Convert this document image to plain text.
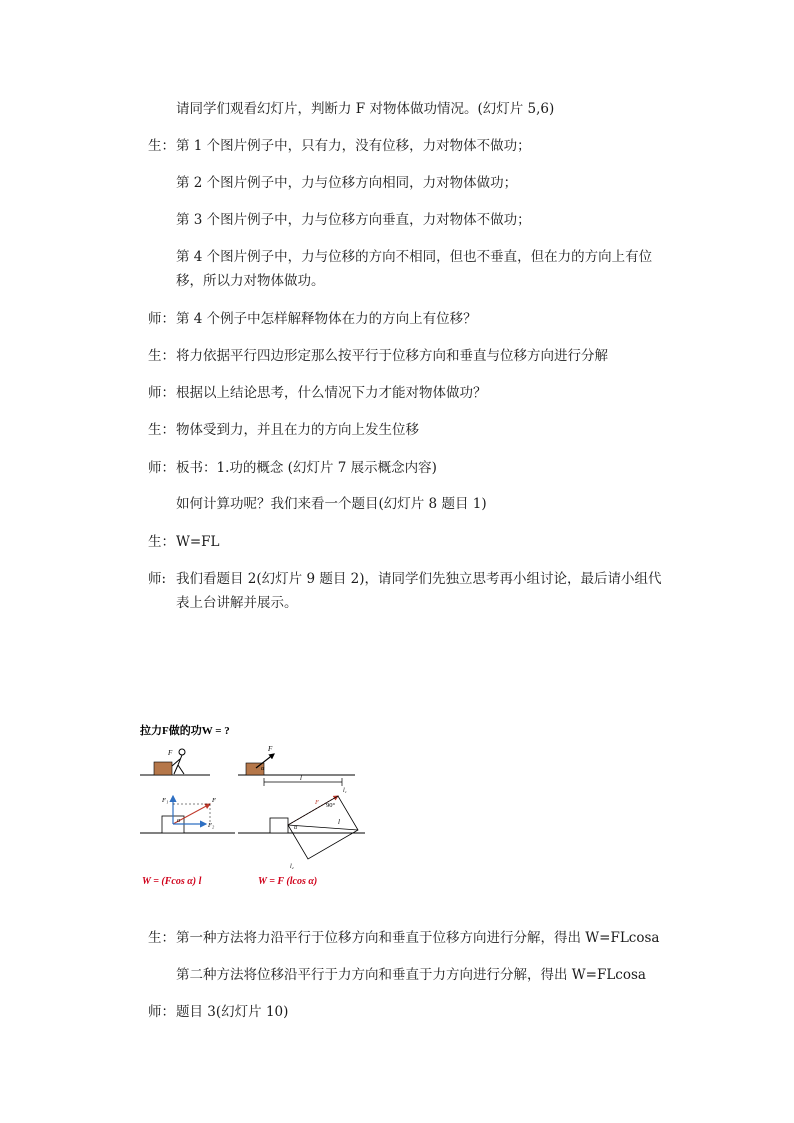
请同学们观看幻灯片，判断力 F 对物体做功情况。(幻灯片 5,6)
生：第 1 个图片例子中，只有力，没有位移，力对物体不做功；
第 2 个图片例子中，力与位移方向相同，力对物体做功；
第 3 个图片例子中，力与位移方向垂直，力对物体不做功；
第 4 个图片例子中，力与位移的方向不相同，但也不垂直，但在力的方向上有位
移，所以力对物体做功。
师：第 4 个例子中怎样解释物体在力的方向上有位移？
生：将力依据平行四边形定那么按平行于位移方向和垂直与位移方向进行分解
师：根据以上结论思考，什么情况下力才能对物体做功？
生：物体受到力，并且在力的方向上发生位移
师：板书：1.功的概念 (幻灯片 7 展示概念内容)
如何计算功呢？我们来看一个题目(幻灯片 8 题目 1)
生：W=FL
师: 我们看题目 2(幻灯片 9 题目 2)，请同学们先独立思考再小组讨论，最后请小组代
表上台讲解并展示。
拉力F做的功W = ?
F	F
α
l
l₁
F₁	F
F₂
α
90°
F
α
l
l₂
W = (Fcos α) l	W = F (lcos α)
生：第一种方法将力沿平行于位移方向和垂直于位移方向进行分解，得出 W=FLcosa
第二种方法将位移沿平行于力方向和垂直于力方向进行分解，得出 W=FLcosa
师：题目 3(幻灯片 10)
